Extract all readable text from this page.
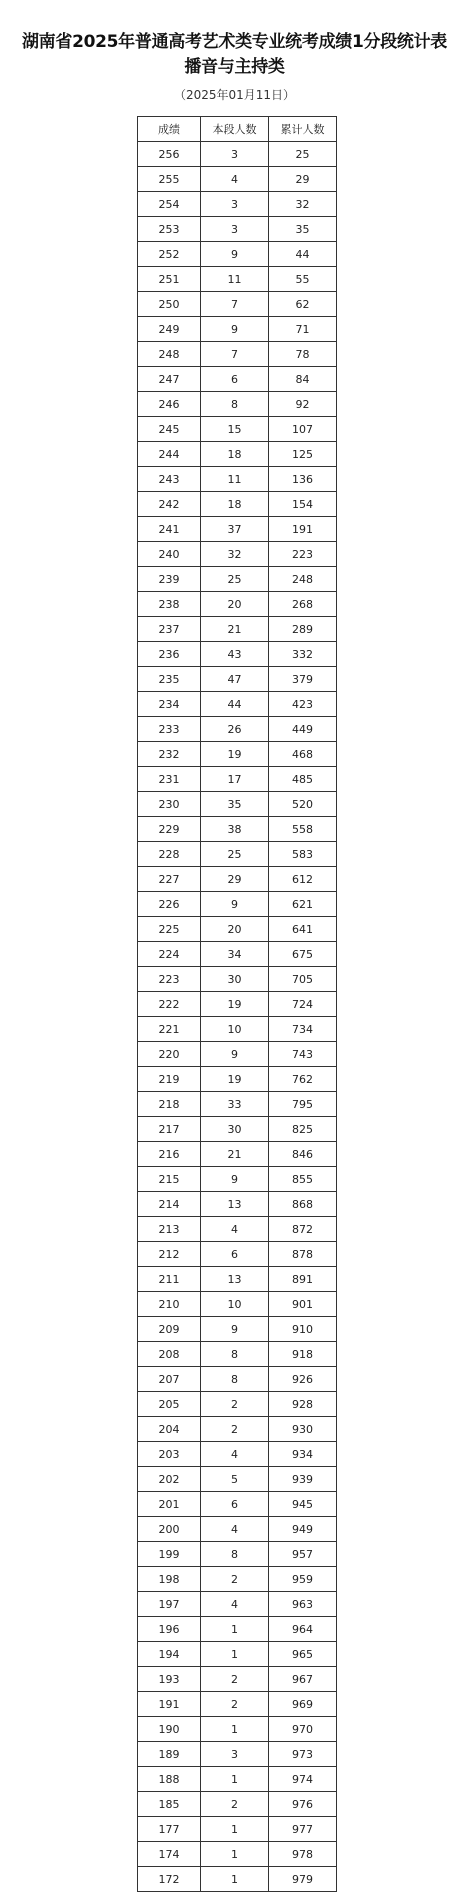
湖南省2025年普通高考艺术类专业统考成绩1分段统计表
播音与主持类

（2025年01月11日）

成绩	本段人数	累计人数
256	3	25
255	4	29
254	3	32
253	3	35
252	9	44
251	11	55
250	7	62
249	9	71
248	7	78
247	6	84
246	8	92
245	15	107
244	18	125
243	11	136
242	18	154
241	37	191
240	32	223
239	25	248
238	20	268
237	21	289
236	43	332
235	47	379
234	44	423
233	26	449
232	19	468
231	17	485
230	35	520
229	38	558
228	25	583
227	29	612
226	9	621
225	20	641
224	34	675
223	30	705
222	19	724
221	10	734
220	9	743
219	19	762
218	33	795
217	30	825
216	21	846
215	9	855
214	13	868
213	4	872
212	6	878
211	13	891
210	10	901
209	9	910
208	8	918
207	8	926
205	2	928
204	2	930
203	4	934
202	5	939
201	6	945
200	4	949
199	8	957
198	2	959
197	4	963
196	1	964
194	1	965
193	2	967
191	2	969
190	1	970
189	3	973
188	1	974
185	2	976
177	1	977
174	1	978
172	1	979
